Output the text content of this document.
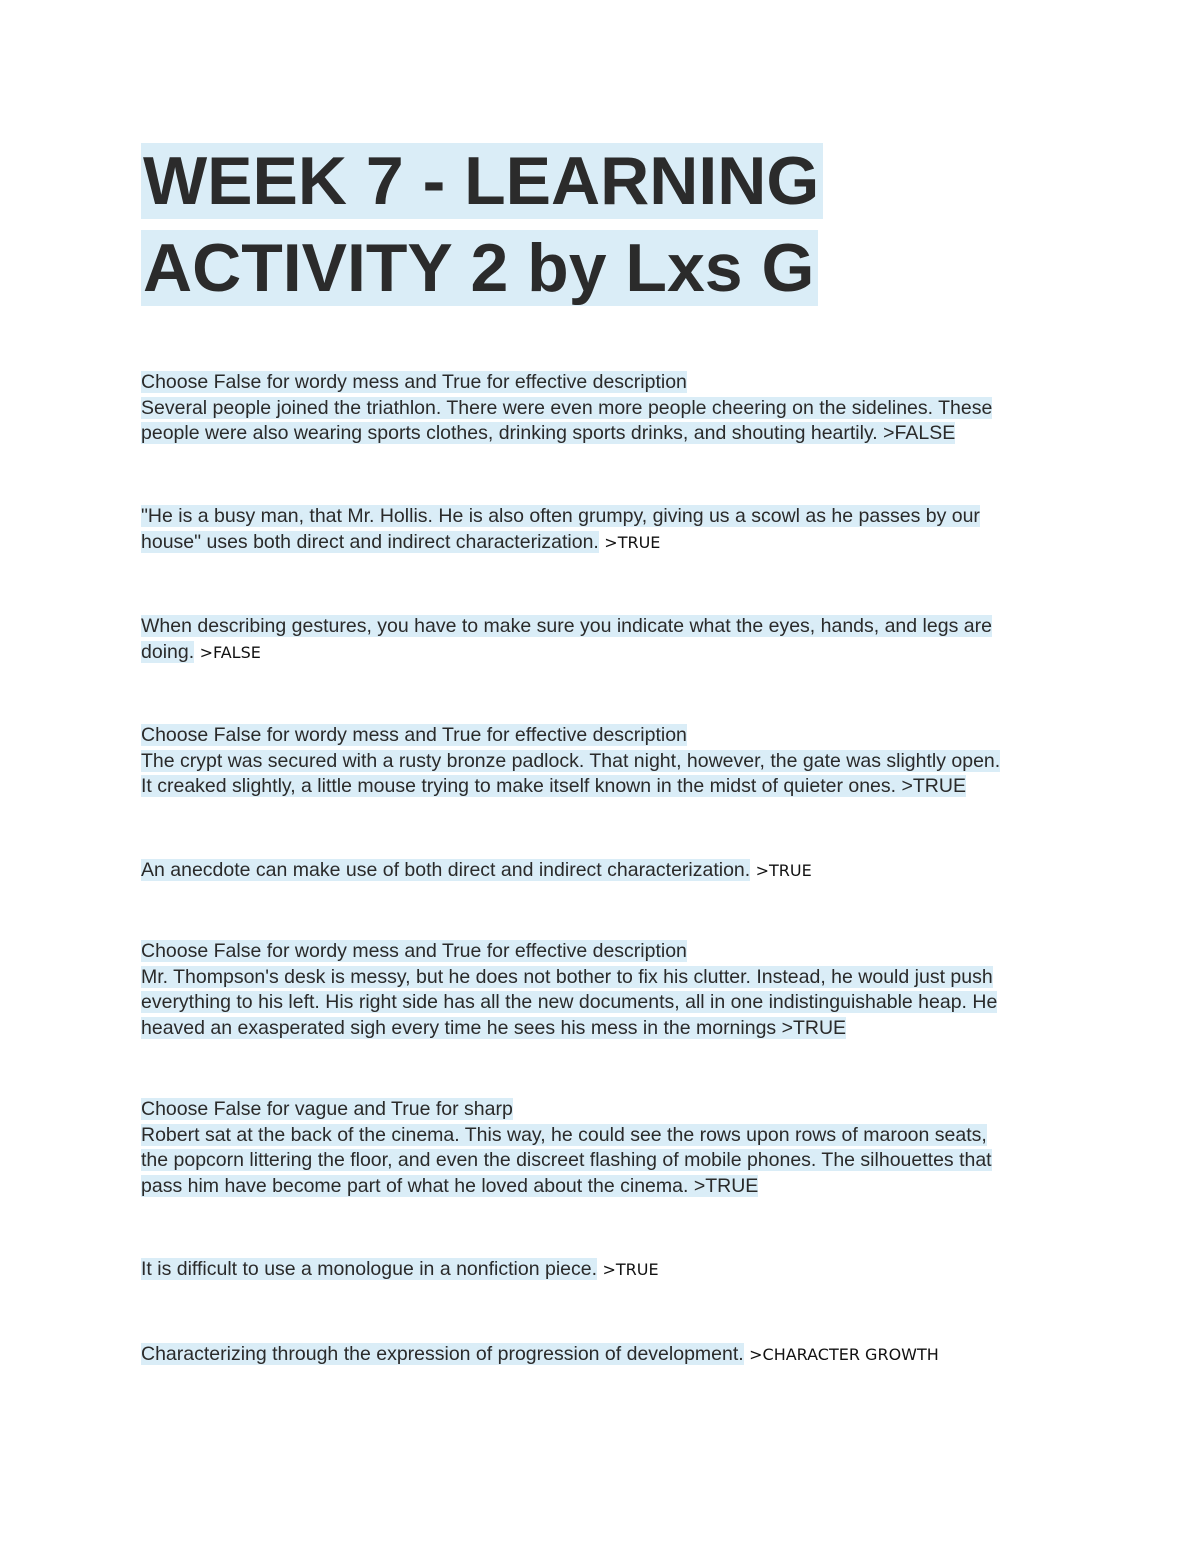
WEEK 7 - LEARNING
ACTIVITY 2 by Lxs G
Choose False for wordy mess and True for effective description
Several people joined the triathlon. There were even more people cheering on the sidelines. These
people were also wearing sports clothes, drinking sports drinks, and shouting heartily. >FALSE
"He is a busy man, that Mr. Hollis. He is also often grumpy, giving us a scowl as he passes by our
house" uses both direct and indirect characterization. >TRUE
When describing gestures, you have to make sure you indicate what the eyes, hands, and legs are
doing. >FALSE
Choose False for wordy mess and True for effective description
The crypt was secured with a rusty bronze padlock. That night, however, the gate was slightly open.
It creaked slightly, a little mouse trying to make itself known in the midst of quieter ones. >TRUE
An anecdote can make use of both direct and indirect characterization. >TRUE
Choose False for wordy mess and True for effective description
Mr. Thompson's desk is messy, but he does not bother to fix his clutter. Instead, he would just push
everything to his left. His right side has all the new documents, all in one indistinguishable heap. He
heaved an exasperated sigh every time he sees his mess in the mornings >TRUE
Choose False for vague and True for sharp
Robert sat at the back of the cinema. This way, he could see the rows upon rows of maroon seats,
the popcorn littering the floor, and even the discreet flashing of mobile phones. The silhouettes that
pass him have become part of what he loved about the cinema. >TRUE
It is difficult to use a monologue in a nonfiction piece. >TRUE
Characterizing through the expression of progression of development. >CHARACTER GROWTH
